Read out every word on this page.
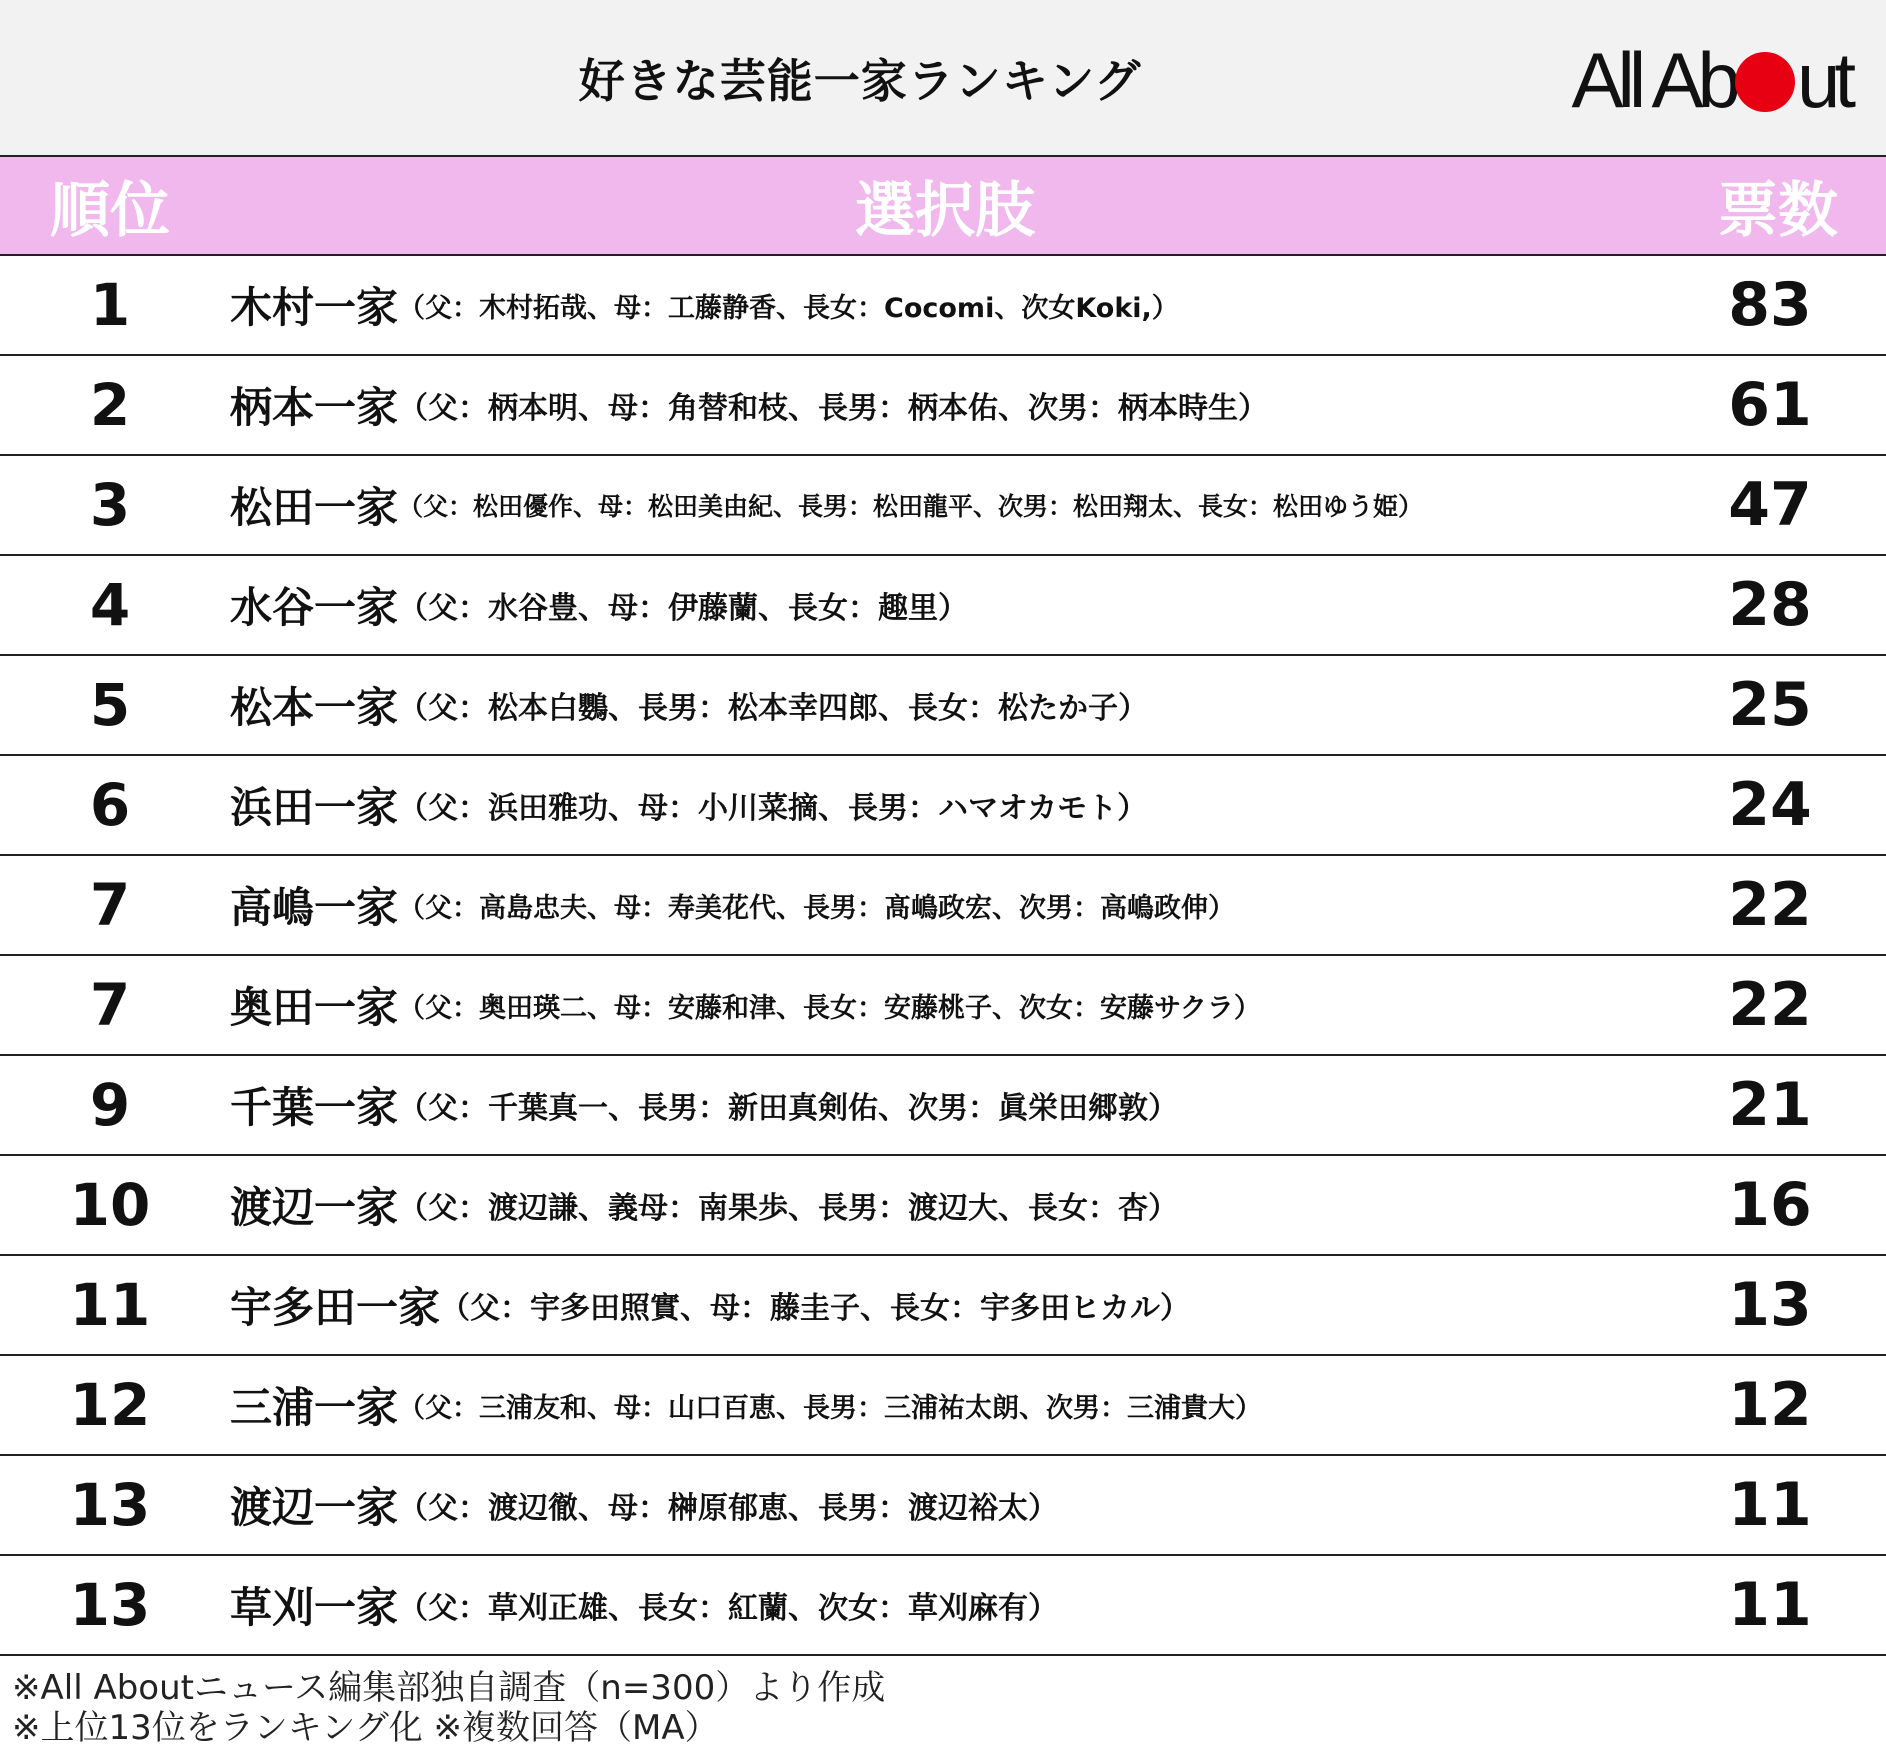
好きな芸能一家ランキング	All Ab ut
順位	選択肢	票数
1	木村一家 （父：木村拓哉、母：工藤静香、長女：Cocomi、次女Koki,）	83
2	柄本一家 （父：柄本明、母：角替和枝、長男：柄本佑、次男：柄本時生）	61
3	松田一家 （父：松田優作、母：松田美由紀、長男：松田龍平、次男：松田翔太、長女：松田ゆう姫）	47
4	水谷一家 （父：水谷豊、母：伊藤蘭、長女：趣里）	28
5	松本一家 （父：松本白鸚、長男：松本幸四郎、長女：松たか子）	25
6	浜田一家 （父：浜田雅功、母：小川菜摘、長男：ハマオカモト）	24
7	高嶋一家 （父：高島忠夫、母：寿美花代、長男：髙嶋政宏、次男：高嶋政伸）	22
7	奥田一家 （父：奥田瑛二、母：安藤和津、長女：安藤桃子、次女：安藤サクラ）	22
9	千葉一家 （父：千葉真一、長男：新田真剣佑、次男：眞栄田郷敦）	21
10	渡辺一家 （父：渡辺謙、義母：南果歩、長男：渡辺大、長女：杏）	16
11	宇多田一家 （父：宇多田照實、母：藤圭子、長女：宇多田ヒカル）	13
12	三浦一家 （父：三浦友和、母：山口百恵、長男：三浦祐太朗、次男：三浦貴大）	12
13	渡辺一家 （父：渡辺徹、母：榊原郁恵、長男：渡辺裕太）	11
13	草刈一家 （父：草刈正雄、長女：紅蘭、次女：草刈麻有）	11
※All Aboutニュース編集部独自調査（n=300）より作成
※上位13位をランキング化 ※複数回答（MA）
